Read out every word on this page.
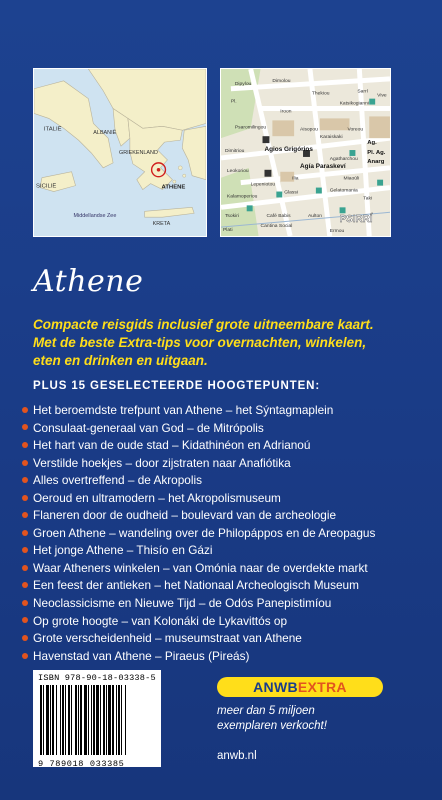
ITALIË
ALBANIË
GRIEKENLAND
SICILIË	ATHENE
Middellandse Zee
KRETA
Dipylou
Dimolou
Agios Grigórios
Agía Paraskeví
PSIRRÍ
Ag.
Pl. Ag.
Anarg
Vive
Glassi
Cantina Social
Café Babis
Gelatomania
Sarrí
Katsikogianni
Taki
Ermou
Aisopou
Karaiskaki
Miaoúli
Agatharchou
Aulton
Leokoriou
Iroon
Lepeniotou
Kalamoperiou
Tsokiri
Thekiou
Pl.
Psaromilingou
Ilia
Dimitriou
Voreou
Plati
Athene
Compacte reisgids inclusief grote uitneembare kaart.
Met de beste Extra-tips voor overnachten, winkelen,
eten en drinken en uitgaan.
PLUS 15 GESELECTEERDE HOOGTEPUNTEN:
Het beroemdste trefpunt van Athene – het Sýntagmaplein
Consulaat-generaal van God – de Mitrópolis
Het hart van de oude stad – Kidathinéon en Adrianoú
Verstilde hoekjes – door zijstraten naar Anafiótika
Alles overtreffend – de Akropolis
Oeroud en ultramodern – het Akropolismuseum
Flaneren door de oudheid – boulevard van de archeologie
Groen Athene – wandeling over de Philopáppos en de Areopagus
Het jonge Athene – Thisío en Gázi
Waar Atheners winkelen – van Omónia naar de overdekte markt
Een feest der antieken – het Nationaal Archeologisch Museum
Neoclassicisme en Nieuwe Tijd – de Odós Panepistimíou
Op grote hoogte – van Kolonáki de Lykavittós op
Grote verscheidenheid – museumstraat van Athene
Havenstad van Athene – Piraeus (Pireás)
ISBN 978-90-18-03338-5
9 789018 033385
ANWBEXTRA
meer dan 5 miljoen
exemplaren verkocht!
anwb.nl
